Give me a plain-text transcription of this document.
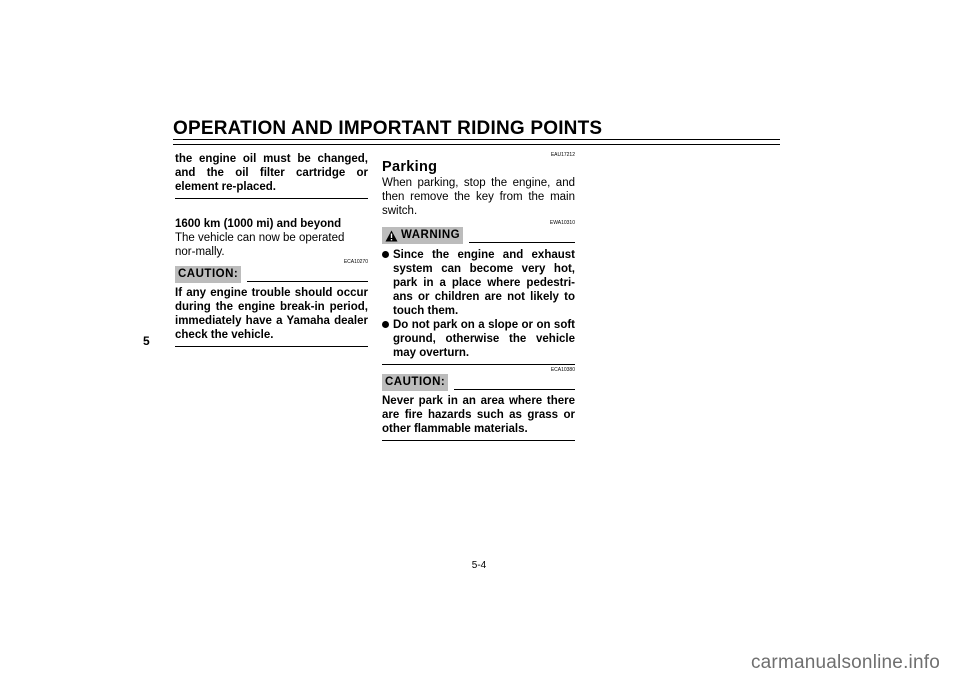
OPERATION AND IMPORTANT RIDING POINTS
5
the engine oil must be changed, and the oil filter cartridge or element re-placed.
1600 km (1000 mi) and beyond
The vehicle can now be operated nor-mally.
ECA10270
CAUTION:
If any engine trouble should occur during the engine break-in period, immediately have a Yamaha dealer check the vehicle.
EAU17212
Parking
When parking, stop the engine, and then remove the key from the main switch.
EWA10310
WARNING
Since the engine and exhaust system can become very hot, park in a place where pedestri-ans or children are not likely to touch them.
Do not park on a slope or on soft ground, otherwise the vehicle may overturn.
ECA10380
CAUTION:
Never park in an area where there are fire hazards such as grass or other flammable materials.
5-4
carmanualsonline.info
